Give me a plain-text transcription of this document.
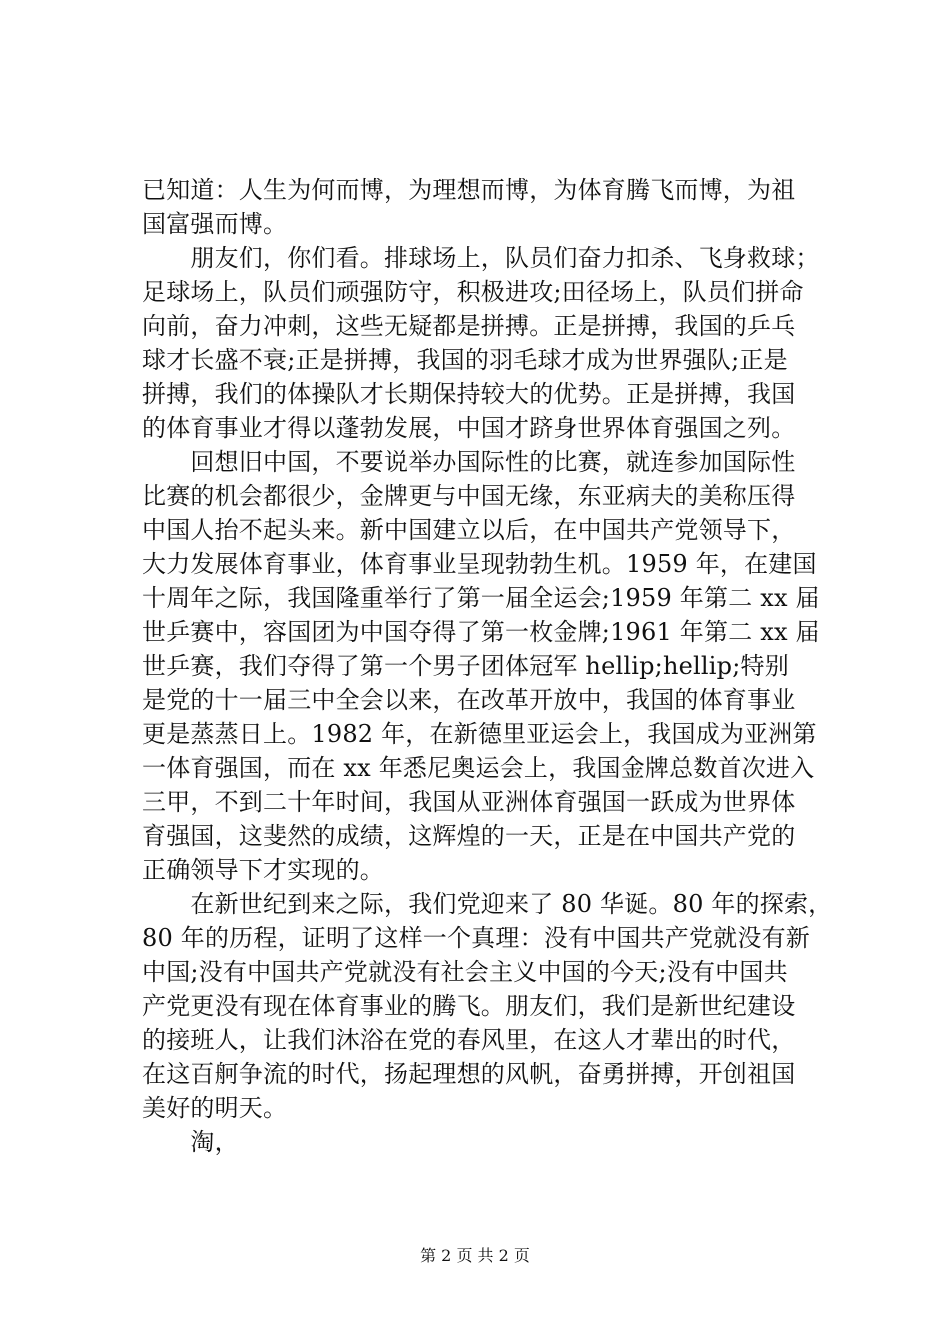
已知道：人生为何而博，为理想而博，为体育腾飞而博，为祖
国富强而博。
　　朋友们，你们看。排球场上，队员们奋力扣杀、飞身救球；
足球场上，队员们顽强防守，积极进攻;田径场上，队员们拼命
向前，奋力冲刺，这些无疑都是拼搏。正是拼搏，我国的乒乓
球才长盛不衰;正是拼搏，我国的羽毛球才成为世界强队;正是
拼搏，我们的体操队才长期保持较大的优势。正是拼搏，我国
的体育事业才得以蓬勃发展，中国才跻身世界体育强国之列。
　　回想旧中国，不要说举办国际性的比赛，就连参加国际性
比赛的机会都很少，金牌更与中国无缘，东亚病夫的美称压得
中国人抬不起头来。新中国建立以后，在中国共产党领导下，
大力发展体育事业，体育事业呈现勃勃生机。1959 年，在建国
十周年之际，我国隆重举行了第一届全运会;1959 年第二 xx 届
世乒赛中，容国团为中国夺得了第一枚金牌;1961 年第二 xx 届
世乒赛，我们夺得了第一个男子团体冠军 hellip;hellip;特别
是党的十一届三中全会以来，在改革开放中，我国的体育事业
更是蒸蒸日上。1982 年，在新德里亚运会上，我国成为亚洲第
一体育强国，而在 xx 年悉尼奥运会上，我国金牌总数首次进入
三甲，不到二十年时间，我国从亚洲体育强国一跃成为世界体
育强国，这斐然的成绩，这辉煌的一天，正是在中国共产党的
正确领导下才实现的。
　　在新世纪到来之际，我们党迎来了 80 华诞。80 年的探索，
80 年的历程，证明了这样一个真理：没有中国共产党就没有新
中国;没有中国共产党就没有社会主义中国的今天;没有中国共
产党更没有现在体育事业的腾飞。朋友们，我们是新世纪建设
的接班人，让我们沐浴在党的春风里，在这人才辈出的时代，
在这百舸争流的时代，扬起理想的风帆，奋勇拼搏，开创祖国
美好的明天。
　　淘，

第 2 页 共 2 页
